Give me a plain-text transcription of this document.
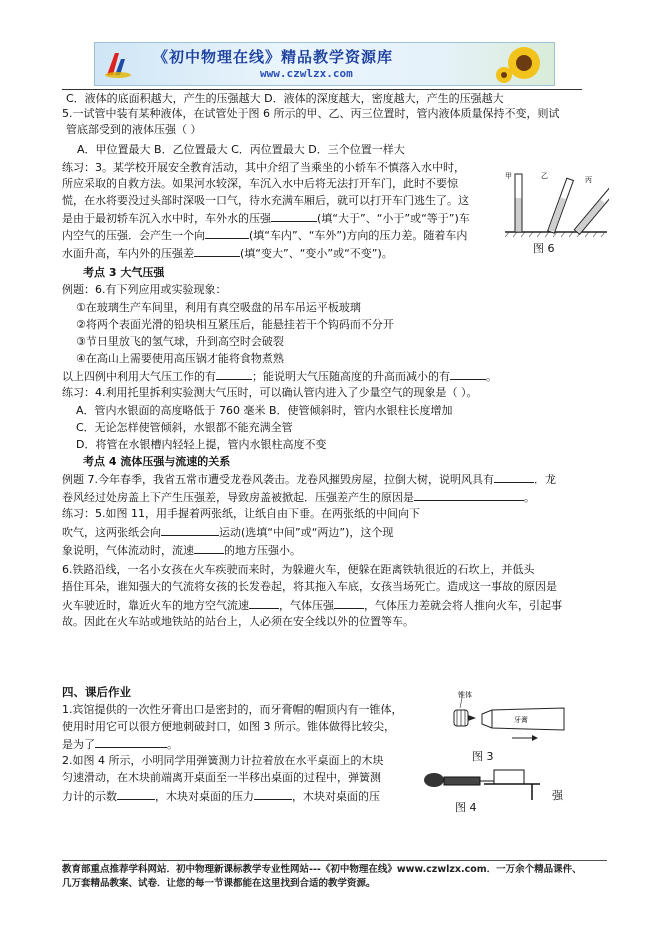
《初中物理在线》精品教学资源库
www.czwlzx.com
C．液体的底面积越大，产生的压强越大 D．液体的深度越大，密度越大，产生的压强越大
5.一试管中装有某种液体，在试管处于图 6 所示的甲、乙、丙三位置时，管内液体质量保持不变，则试
管底部受到的液体压强（ ）
A．甲位置最大 B．乙位置最大 C．丙位置最大 D．三个位置一样大
练习：3。某学校开展安全教育活动，其中介绍了当乘坐的小轿车不慎落入水中时，
所应采取的自救方法。如果河水较深，车沉入水中后将无法打开车门，此时不要惊
慌，在水将要没过头部时深吸一口气，待水充满车厢后，就可以打开车门逃生了。这
是由于最初轿车沉入水中时，车外水的压强	(填“大于”、“小于”或“等于”)车
内空气的压强．会产生一个向	(填“车内”、“车外”)方向的压力差。随着车内
水面升高，车内外的压强差	(填“变大”、“变小”或“不变”)。
甲	乙	丙
图 6
考点 3 大气压强
例题：6.有下列应用或实验现象：
①在玻璃生产车间里，利用有真空吸盘的吊车吊运平板玻璃
②将两个表面光滑的铅块相互紧压后，能悬挂若干个钩码而不分开
③节日里放飞的氢气球，升到高空时会破裂
④在高山上需要使用高压锅才能将食物煮熟
以上四例中利用大气压工作的有	；能说明大气压随高度的升高而减小的有	。
练习：4.利用托里拆利实验测大气压时，可以确认管内进入了少量空气的现象是（ ）。
A．管内水银面的高度略低于 760 毫米 B．使管倾斜时，管内水银柱长度增加
C．无论怎样使管倾斜，水银都不能充满全管
D．将管在水银槽内轻轻上提，管内水银柱高度不变
考点 4 流体压强与流速的关系
例题 7.今年春季，我省五常市遭受龙卷风袭击。龙卷风摧毁房屋，拉倒大树，说明风具有	．龙
卷风经过处房盖上下产生压强差，导致房盖被掀起．压强差产生的原因是	。
练习：5.如图 11，用手握着两张纸，让纸自由下垂。在两张纸的中间向下
吹气，这两张纸会向	运动(选填“中间”或“两边”)，这个现
象说明，气体流动时，流速	的地方压强小。
6.铁路沿线，一名小女孩在火车疾驶而来时，为躲避火车，便躲在距离铁轨很近的石坎上，并低头
捂住耳朵，谁知强大的气流将女孩的长发卷起，将其拖入车底，女孩当场死亡。造成这一事故的原因是
火车驶近时，靠近火车的地方空气流速	，气体压强	，气体压力差就会将人推向火车，引起事
故。因此在火车站或地铁站的站台上，人必须在安全线以外的位置等车。
四、课后作业
1.宾馆提供的一次性牙膏出口是密封的，而牙膏帽的帽顶内有一锥体，
使用时用它可以很方便地刺破封口，如图 3 所示。锥体做得比较尖，
是为了	。
2.如图 4 所示，小明同学用弹簧测力计拉着放在水平桌面上的木块
匀速滑动，在木块前端离开桌面至一半移出桌面的过程中，弹簧测
力计的示数	，木块对桌面的压力	，木块对桌面的压	强
锥体
牙膏
图 3
图 4
教育部重点推荐学科网站．初中物理新课标教学专业性网站---《初中物理在线》www.czwlzx.com．一万余个精品课件、
几万套精品教案、试卷．让您的每一节课都能在这里找到合适的教学资源。
